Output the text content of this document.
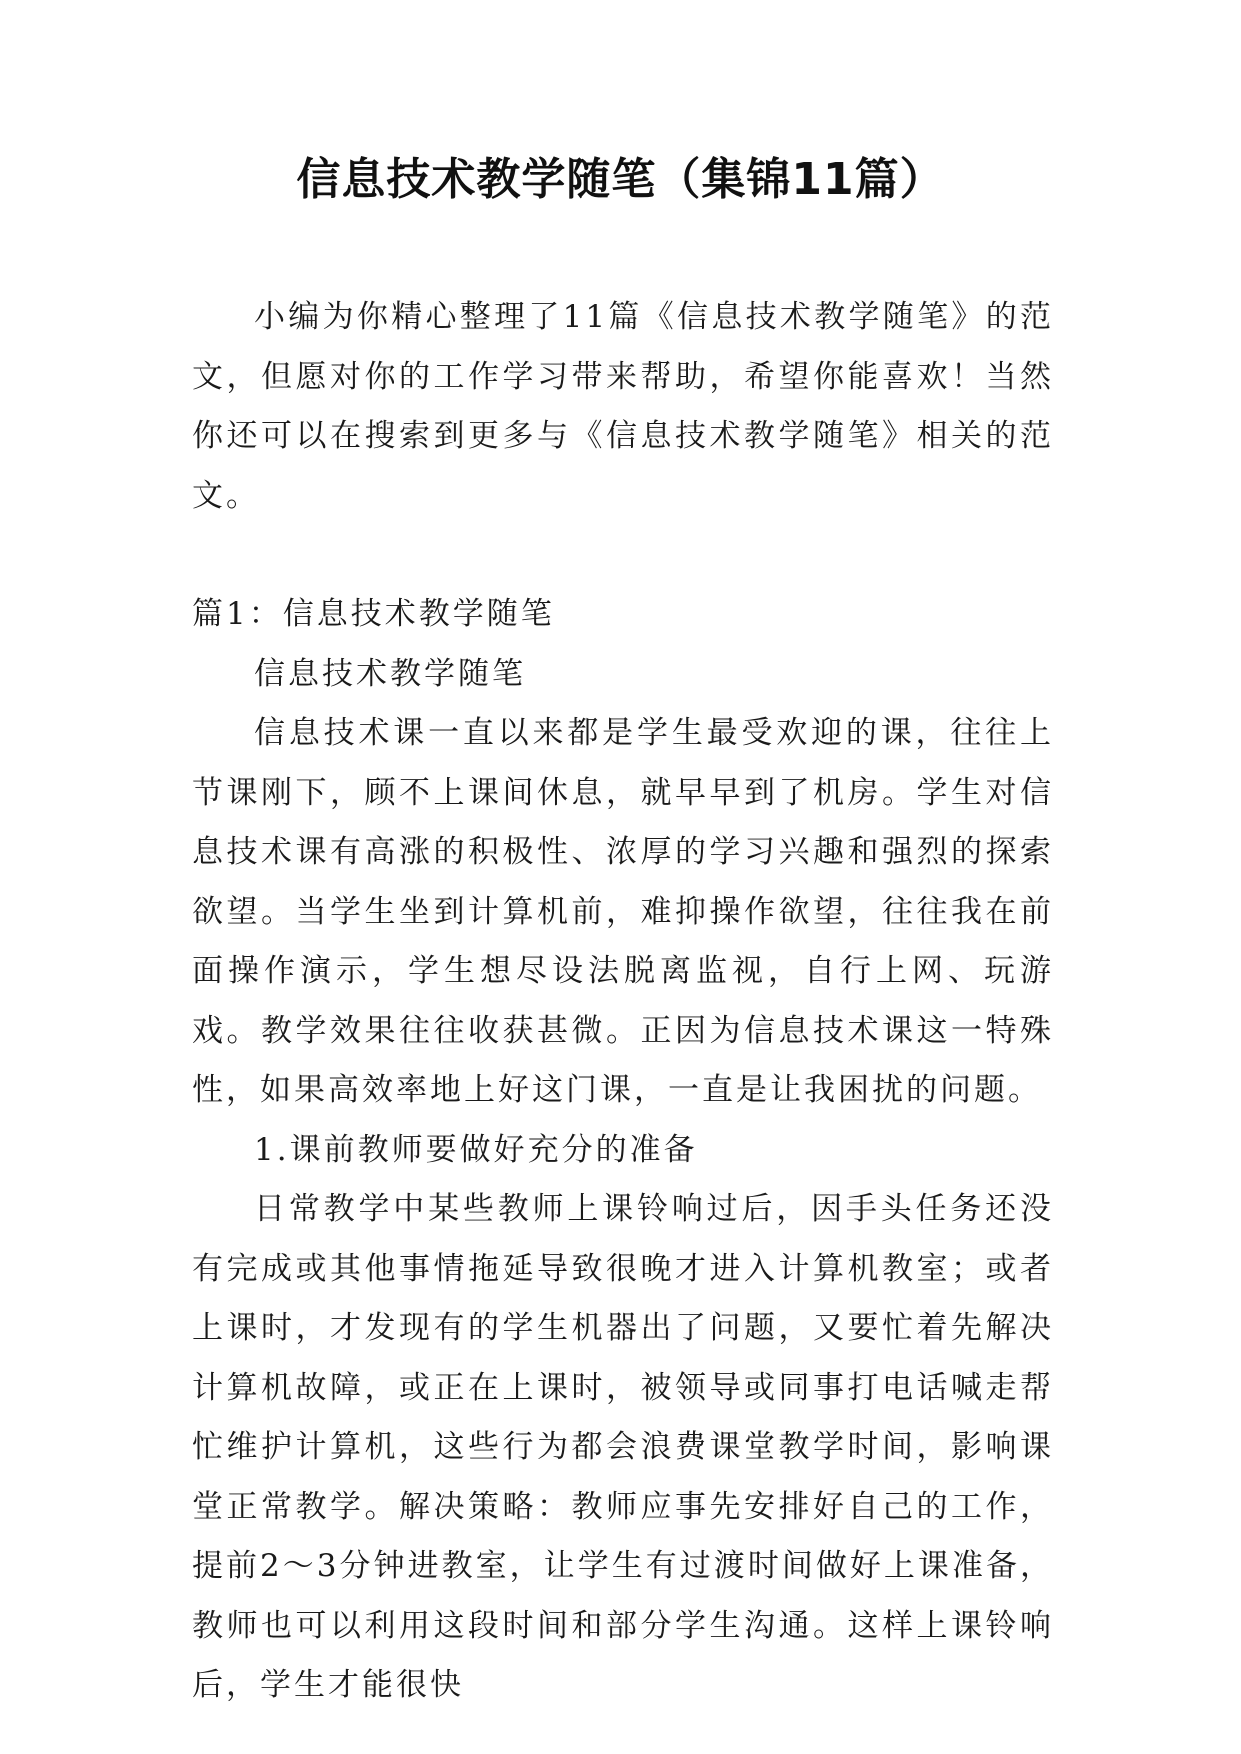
信息技术教学随笔（集锦11篇）

小编为你精心整理了11篇《信息技术教学随笔》的范文，但愿对你的工作学习带来帮助，希望你能喜欢！当然你还可以在搜索到更多与《信息技术教学随笔》相关的范文。

篇1：信息技术教学随笔

信息技术教学随笔

信息技术课一直以来都是学生最受欢迎的课，往往上节课刚下，顾不上课间休息，就早早到了机房。学生对信息技术课有高涨的积极性、浓厚的学习兴趣和强烈的探索欲望。当学生坐到计算机前，难抑操作欲望，往往我在前面操作演示，学生想尽设法脱离监视，自行上网、玩游戏。教学效果往往收获甚微。正因为信息技术课这一特殊性，如果高效率地上好这门课，一直是让我困扰的问题。

1.课前教师要做好充分的准备

日常教学中某些教师上课铃响过后，因手头任务还没有完成或其他事情拖延导致很晚才进入计算机教室；或者上课时，才发现有的学生机器出了问题，又要忙着先解决计算机故障，或正在上课时，被领导或同事打电话喊走帮忙维护计算机，这些行为都会浪费课堂教学时间，影响课堂正常教学。解决策略：教师应事先安排好自己的工作，提前2～3分钟进教室，让学生有过渡时间做好上课准备，教师也可以利用这段时间和部分学生沟通。这样上课铃响后，学生才能很快
